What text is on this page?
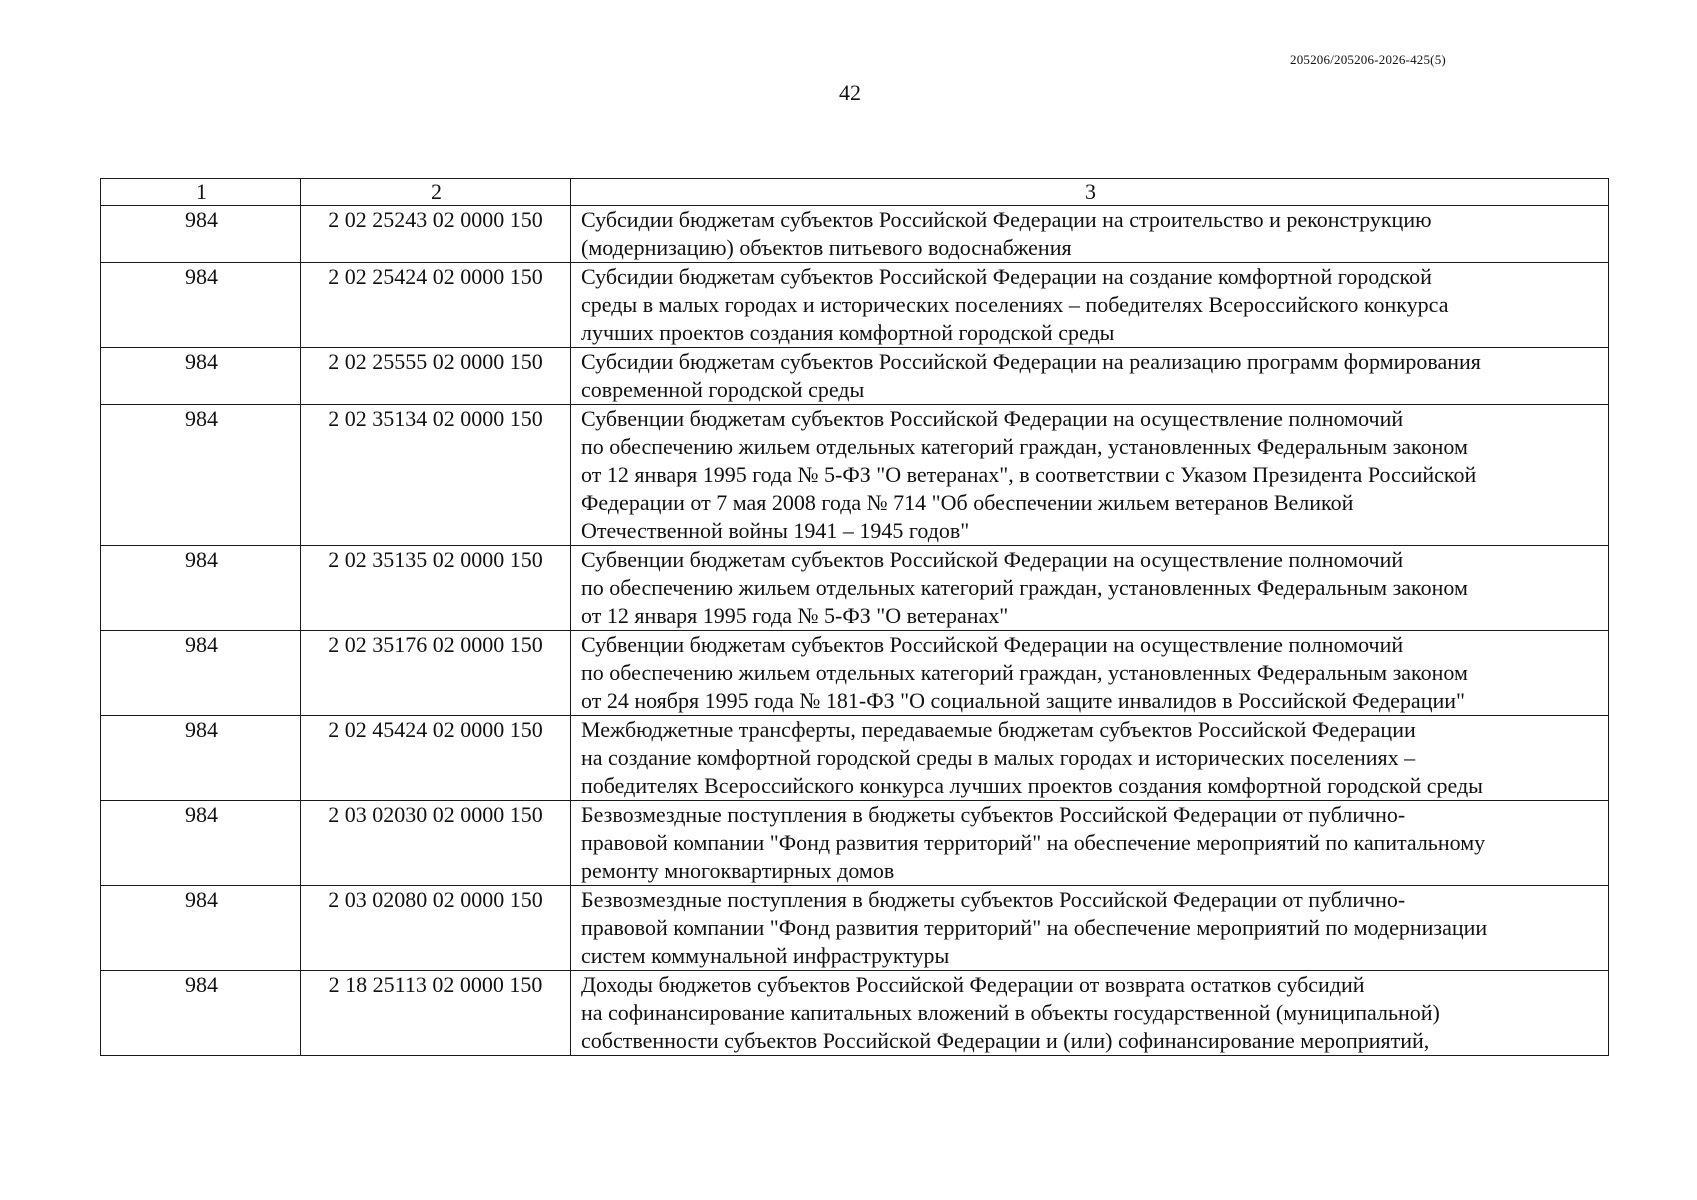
205206/205206-2026-425(5)
42
1	2	3
984	2 02 25243 02 0000 150	Субсидии бюджетам субъектов Российской Федерации на строительство и реконструкцию
(модернизацию) объектов питьевого водоснабжения

984	2 02 25424 02 0000 150	Субсидии бюджетам субъектов Российской Федерации на создание комфортной городской
среды в малых городах и исторических поселениях – победителях Всероссийского конкурса
лучших проектов создания комфортной городской среды

984	2 02 25555 02 0000 150	Субсидии бюджетам субъектов Российской Федерации на реализацию программ формирования
современной городской среды

984	2 02 35134 02 0000 150	Субвенции бюджетам субъектов Российской Федерации на осуществление полномочий
по обеспечению жильем отдельных категорий граждан, установленных Федеральным законом
от 12 января 1995 года № 5-ФЗ "О ветеранах", в соответствии с Указом Президента Российской
Федерации от 7 мая 2008 года № 714 "Об обеспечении жильем ветеранов Великой
Отечественной войны 1941 – 1945 годов"

984	2 02 35135 02 0000 150	Субвенции бюджетам субъектов Российской Федерации на осуществление полномочий
по обеспечению жильем отдельных категорий граждан, установленных Федеральным законом
от 12 января 1995 года № 5-ФЗ "О ветеранах"

984	2 02 35176 02 0000 150	Субвенции бюджетам субъектов Российской Федерации на осуществление полномочий
по обеспечению жильем отдельных категорий граждан, установленных Федеральным законом
от 24 ноября 1995 года № 181-ФЗ "О социальной защите инвалидов в Российской Федерации"

984	2 02 45424 02 0000 150	Межбюджетные трансферты, передаваемые бюджетам субъектов Российской Федерации
на создание комфортной городской среды в малых городах и исторических поселениях –
победителях Всероссийского конкурса лучших проектов создания комфортной городской среды

984	2 03 02030 02 0000 150	Безвозмездные поступления в бюджеты субъектов Российской Федерации от публично-
правовой компании "Фонд развития территорий" на обеспечение мероприятий по капитальному
ремонту многоквартирных домов

984	2 03 02080 02 0000 150	Безвозмездные поступления в бюджеты субъектов Российской Федерации от публично-
правовой компании "Фонд развития территорий" на обеспечение мероприятий по модернизации
систем коммунальной инфраструктуры

984	2 18 25113 02 0000 150	Доходы бюджетов субъектов Российской Федерации от возврата остатков субсидий
на софинансирование капитальных вложений в объекты государственной (муниципальной)
собственности субъектов Российской Федерации и (или) софинансирование мероприятий,
